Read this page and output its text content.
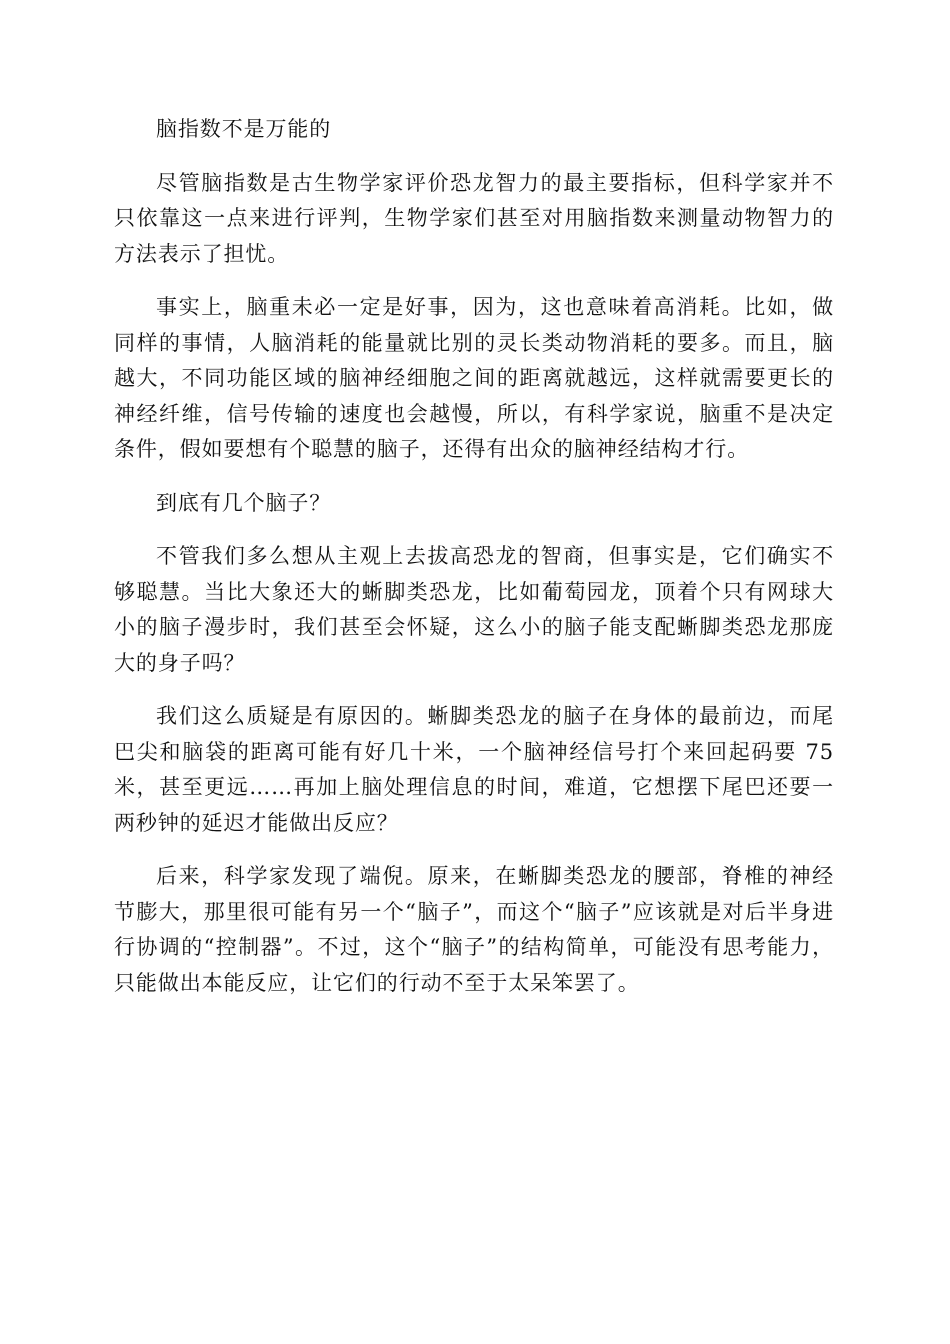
脑指数不是万能的

尽管脑指数是古生物学家评价恐龙智力的最主要指标，但科学家并不只依靠这一点来进行评判，生物学家们甚至对用脑指数来测量动物智力的方法表示了担忧。

事实上，脑重未必一定是好事，因为，这也意味着高消耗。比如，做同样的事情，人脑消耗的能量就比别的灵长类动物消耗的要多。而且，脑越大，不同功能区域的脑神经细胞之间的距离就越远，这样就需要更长的神经纤维，信号传输的速度也会越慢，所以，有科学家说，脑重不是决定条件，假如要想有个聪慧的脑子，还得有出众的脑神经结构才行。

到底有几个脑子？

不管我们多么想从主观上去拔高恐龙的智商，但事实是，它们确实不够聪慧。当比大象还大的蜥脚类恐龙，比如葡萄园龙，顶着个只有网球大小的脑子漫步时，我们甚至会怀疑，这么小的脑子能支配蜥脚类恐龙那庞大的身子吗？

我们这么质疑是有原因的。蜥脚类恐龙的脑子在身体的最前边，而尾巴尖和脑袋的距离可能有好几十米，一个脑神经信号打个来回起码要 75 米，甚至更远……再加上脑处理信息的时间，难道，它想摆下尾巴还要一两秒钟的延迟才能做出反应？

后来，科学家发现了端倪。原来，在蜥脚类恐龙的腰部，脊椎的神经节膨大，那里很可能有另一个“脑子”，而这个“脑子”应该就是对后半身进行协调的“控制器”。不过，这个“脑子”的结构简单，可能没有思考能力，只能做出本能反应，让它们的行动不至于太呆笨罢了。
